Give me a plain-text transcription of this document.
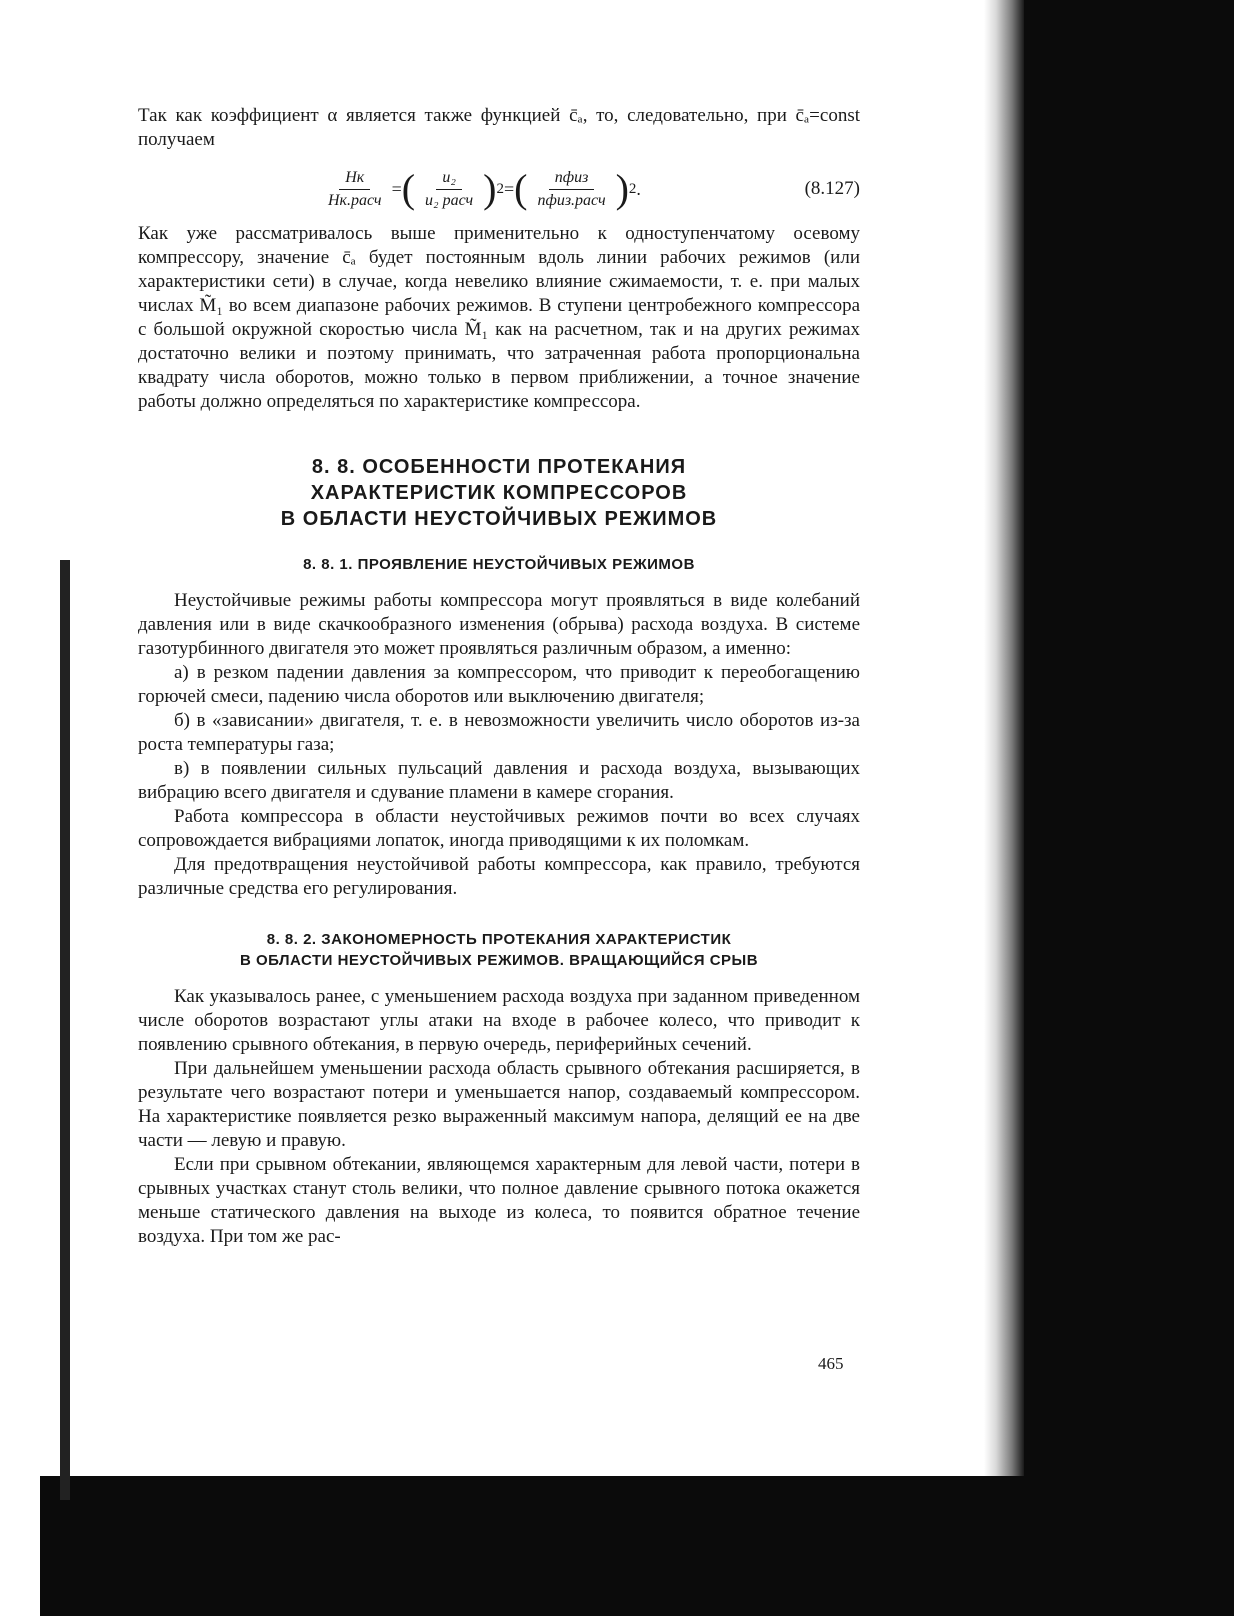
Так как коэффициент α является также функцией c̄ₐ, то, следовательно, при c̄ₐ=const получаем

$\frac{Hк}{\text{Hк.расч}}$ = ( $\frac{\text{u₂}}{\text{u₂ расч}}$ ) 2 = ( $\frac{\text{nфиз}}{\text{nфиз.расч}}$ ) 2 .	(8.127)

Как уже рассматривалось выше применительно к одноступенчатому осевому компрессору, значение c̄ₐ будет постоянным вдоль линии рабочих режимов (или характеристики сети) в случае, когда невелико влияние сжимаемости, т. е. при малых числах M̃₁ во всем диапазоне рабочих режимов. В ступени центробежного компрессора с большой окружной скоростью числа M̃₁ как на расчетном, так и на других режимах достаточно велики и поэтому принимать, что затраченная работа пропорциональна квадрату числа оборотов, можно только в первом приближении, а точное значение работы должно определяться по характеристике компрессора.

8. 8. ОСОБЕННОСТИ ПРОТЕКАНИЯ
ХАРАКТЕРИСТИК КОМПРЕССОРОВ
В ОБЛАСТИ НЕУСТОЙЧИВЫХ РЕЖИМОВ
8. 8. 1. ПРОЯВЛЕНИЕ НЕУСТОЙЧИВЫХ РЕЖИМОВ

Неустойчивые режимы работы компрессора могут проявляться в виде колебаний давления или в виде скачкообразного изменения (обрыва) расхода воздуха. В системе газотурбинного двигателя это может проявляться различным образом, а именно:

а) в резком падении давления за компрессором, что приводит к переобогащению горючей смеси, падению числа оборотов или выключению двигателя;

б) в «зависании» двигателя, т. е. в невозможности увеличить число оборотов из-за роста температуры газа;

в) в появлении сильных пульсаций давления и расхода воздуха, вызывающих вибрацию всего двигателя и сдувание пламени в камере сгорания.

Работа компрессора в области неустойчивых режимов почти во всех случаях сопровождается вибрациями лопаток, иногда приводящими к их поломкам.

Для предотвращения неустойчивой работы компрессора, как правило, требуются различные средства его регулирования.

8. 8. 2. ЗАКОНОМЕРНОСТЬ ПРОТЕКАНИЯ ХАРАКТЕРИСТИК
В ОБЛАСТИ НЕУСТОЙЧИВЫХ РЕЖИМОВ. ВРАЩАЮЩИЙСЯ СРЫВ

Как указывалось ранее, с уменьшением расхода воздуха при заданном приведенном числе оборотов возрастают углы атаки на входе в рабочее колесо, что приводит к появлению срывного обтекания, в первую очередь, периферийных сечений.

При дальнейшем уменьшении расхода область срывного обтекания расширяется, в результате чего возрастают потери и уменьшается напор, создаваемый компрессором. На характеристике появляется резко выраженный максимум напора, делящий ее на две части — левую и правую.

Если при срывном обтекании, являющемся характерным для левой части, потери в срывных участках станут столь велики, что полное давление срывного потока окажется меньше статического давления на выходе из колеса, то появится обратное течение воздуха. При том же рас-

465
